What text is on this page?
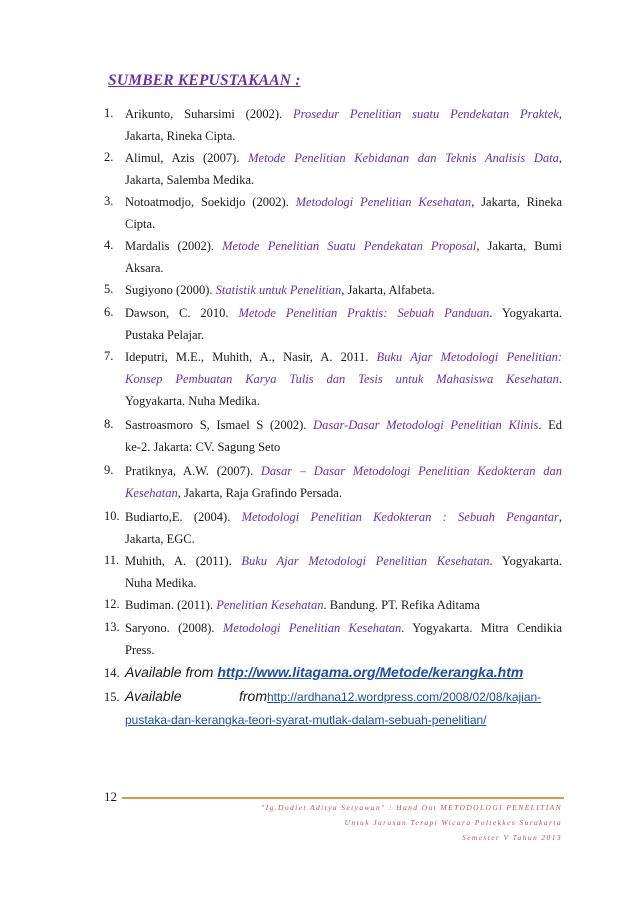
SUMBER KEPUSTAKAAN :
1. Arikunto, Suharsimi (2002). Prosedur Penelitian suatu Pendekatan Praktek,
Jakarta, Rineka Cipta.
2. Alimul, Azis (2007). Metode Penelitian Kebidanan dan Teknis Analisis Data,
Jakarta, Salemba Medika.
3. Notoatmodjo, Soekidjo (2002). Metodologi Penelitian Kesehatan, Jakarta, Rineka
Cipta.
4. Mardalis (2002). Metode Penelitian Suatu Pendekatan Proposal, Jakarta, Bumi
Aksara.
5. Sugiyono (2000). Statistik untuk Penelitian, Jakarta, Alfabeta.
6. Dawson, C. 2010. Metode Penelitian Praktis: Sebuah Panduan. Yogyakarta.
Pustaka Pelajar.
7. Ideputri, M.E., Muhith, A., Nasir, A. 2011. Buku Ajar Metodologi Penelitian:
Konsep Pembuatan Karya Tulis dan Tesis untuk Mahasiswa Kesehatan.
Yogyakarta. Nuha Medika.
8. Sastroasmoro S, Ismael S (2002). Dasar-Dasar Metodologi Penelitian Klinis. Ed
ke-2. Jakarta: CV. Sagung Seto
9. Pratiknya, A.W. (2007). Dasar – Dasar Metodologi Penelitian Kedokteran dan
Kesehatan, Jakarta, Raja Grafindo Persada.
10. Budiarto,E. (2004). Metodologi Penelitian Kedokteran : Sebuah Pengantar,
Jakarta, EGC.
11. Muhith, A. (2011). Buku Ajar Metodologi Penelitian Kesehatan. Yogyakarta.
Nuha Medika.
12. Budiman. (2011). Penelitian Kesehatan. Bandung. PT. Refika Aditama
13. Saryono. (2008). Metodologi Penelitian Kesehatan. Yogyakarta. Mitra Cendikia
Press.
14. Available from http://www.litagama.org/Metode/kerangka.htm
15. Available fromhttp://ardhana12.wordpress.com/2008/02/08/kajian-
pustaka-dan-kerangka-teori-syarat-mutlak-dalam-sebuah-penelitian/
12
"Ig.Dodiet Aditya Setyawan" : Hand Out METODOLOGI PENELITIAN
Untuk Jurusan Terapi Wicara Poltekkes Surakarta
Semester V Tahun 2013
